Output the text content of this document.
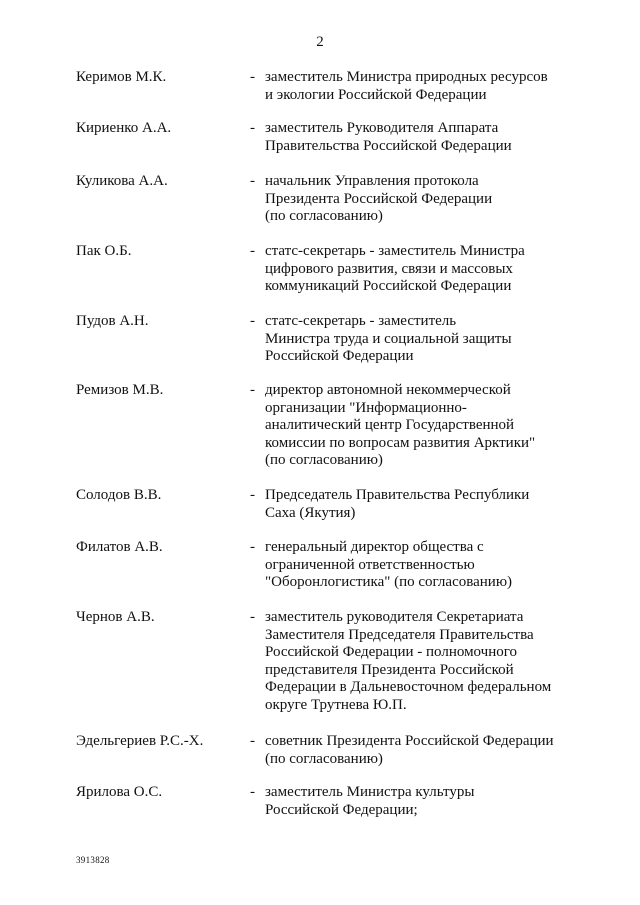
2
Керимов М.К.	- заместитель Министра природных ресурсов
и экологии Российской Федерации
Кириенко А.А.	- заместитель Руководителя Аппарата
Правительства Российской Федерации
Куликова А.А.	- начальник Управления протокола
Президента Российской Федерации
(по согласованию)
Пак О.Б.	- статс-секретарь - заместитель Министра
цифрового развития, связи и массовых
коммуникаций Российской Федерации
Пудов А.Н.	- статс-секретарь - заместитель
Министра труда и социальной защиты
Российской Федерации
Ремизов М.В.	- директор автономной некоммерческой
организации "Информационно-
аналитический центр Государственной
комиссии по вопросам развития Арктики"
(по согласованию)
Солодов В.В.	- Председатель Правительства Республики
Саха (Якутия)
Филатов А.В.	- генеральный директор общества с
ограниченной ответственностью
"Оборонлогистика" (по согласованию)
Чернов А.В.	- заместитель руководителя Секретариата
Заместителя Председателя Правительства
Российской Федерации - полномочного
представителя Президента Российской
Федерации в Дальневосточном федеральном
округе Трутнева Ю.П.
Эдельгериев Р.С.-Х.	- советник Президента Российской Федерации
(по согласованию)
Ярилова О.С.	- заместитель Министра культуры
Российской Федерации;
3913828
